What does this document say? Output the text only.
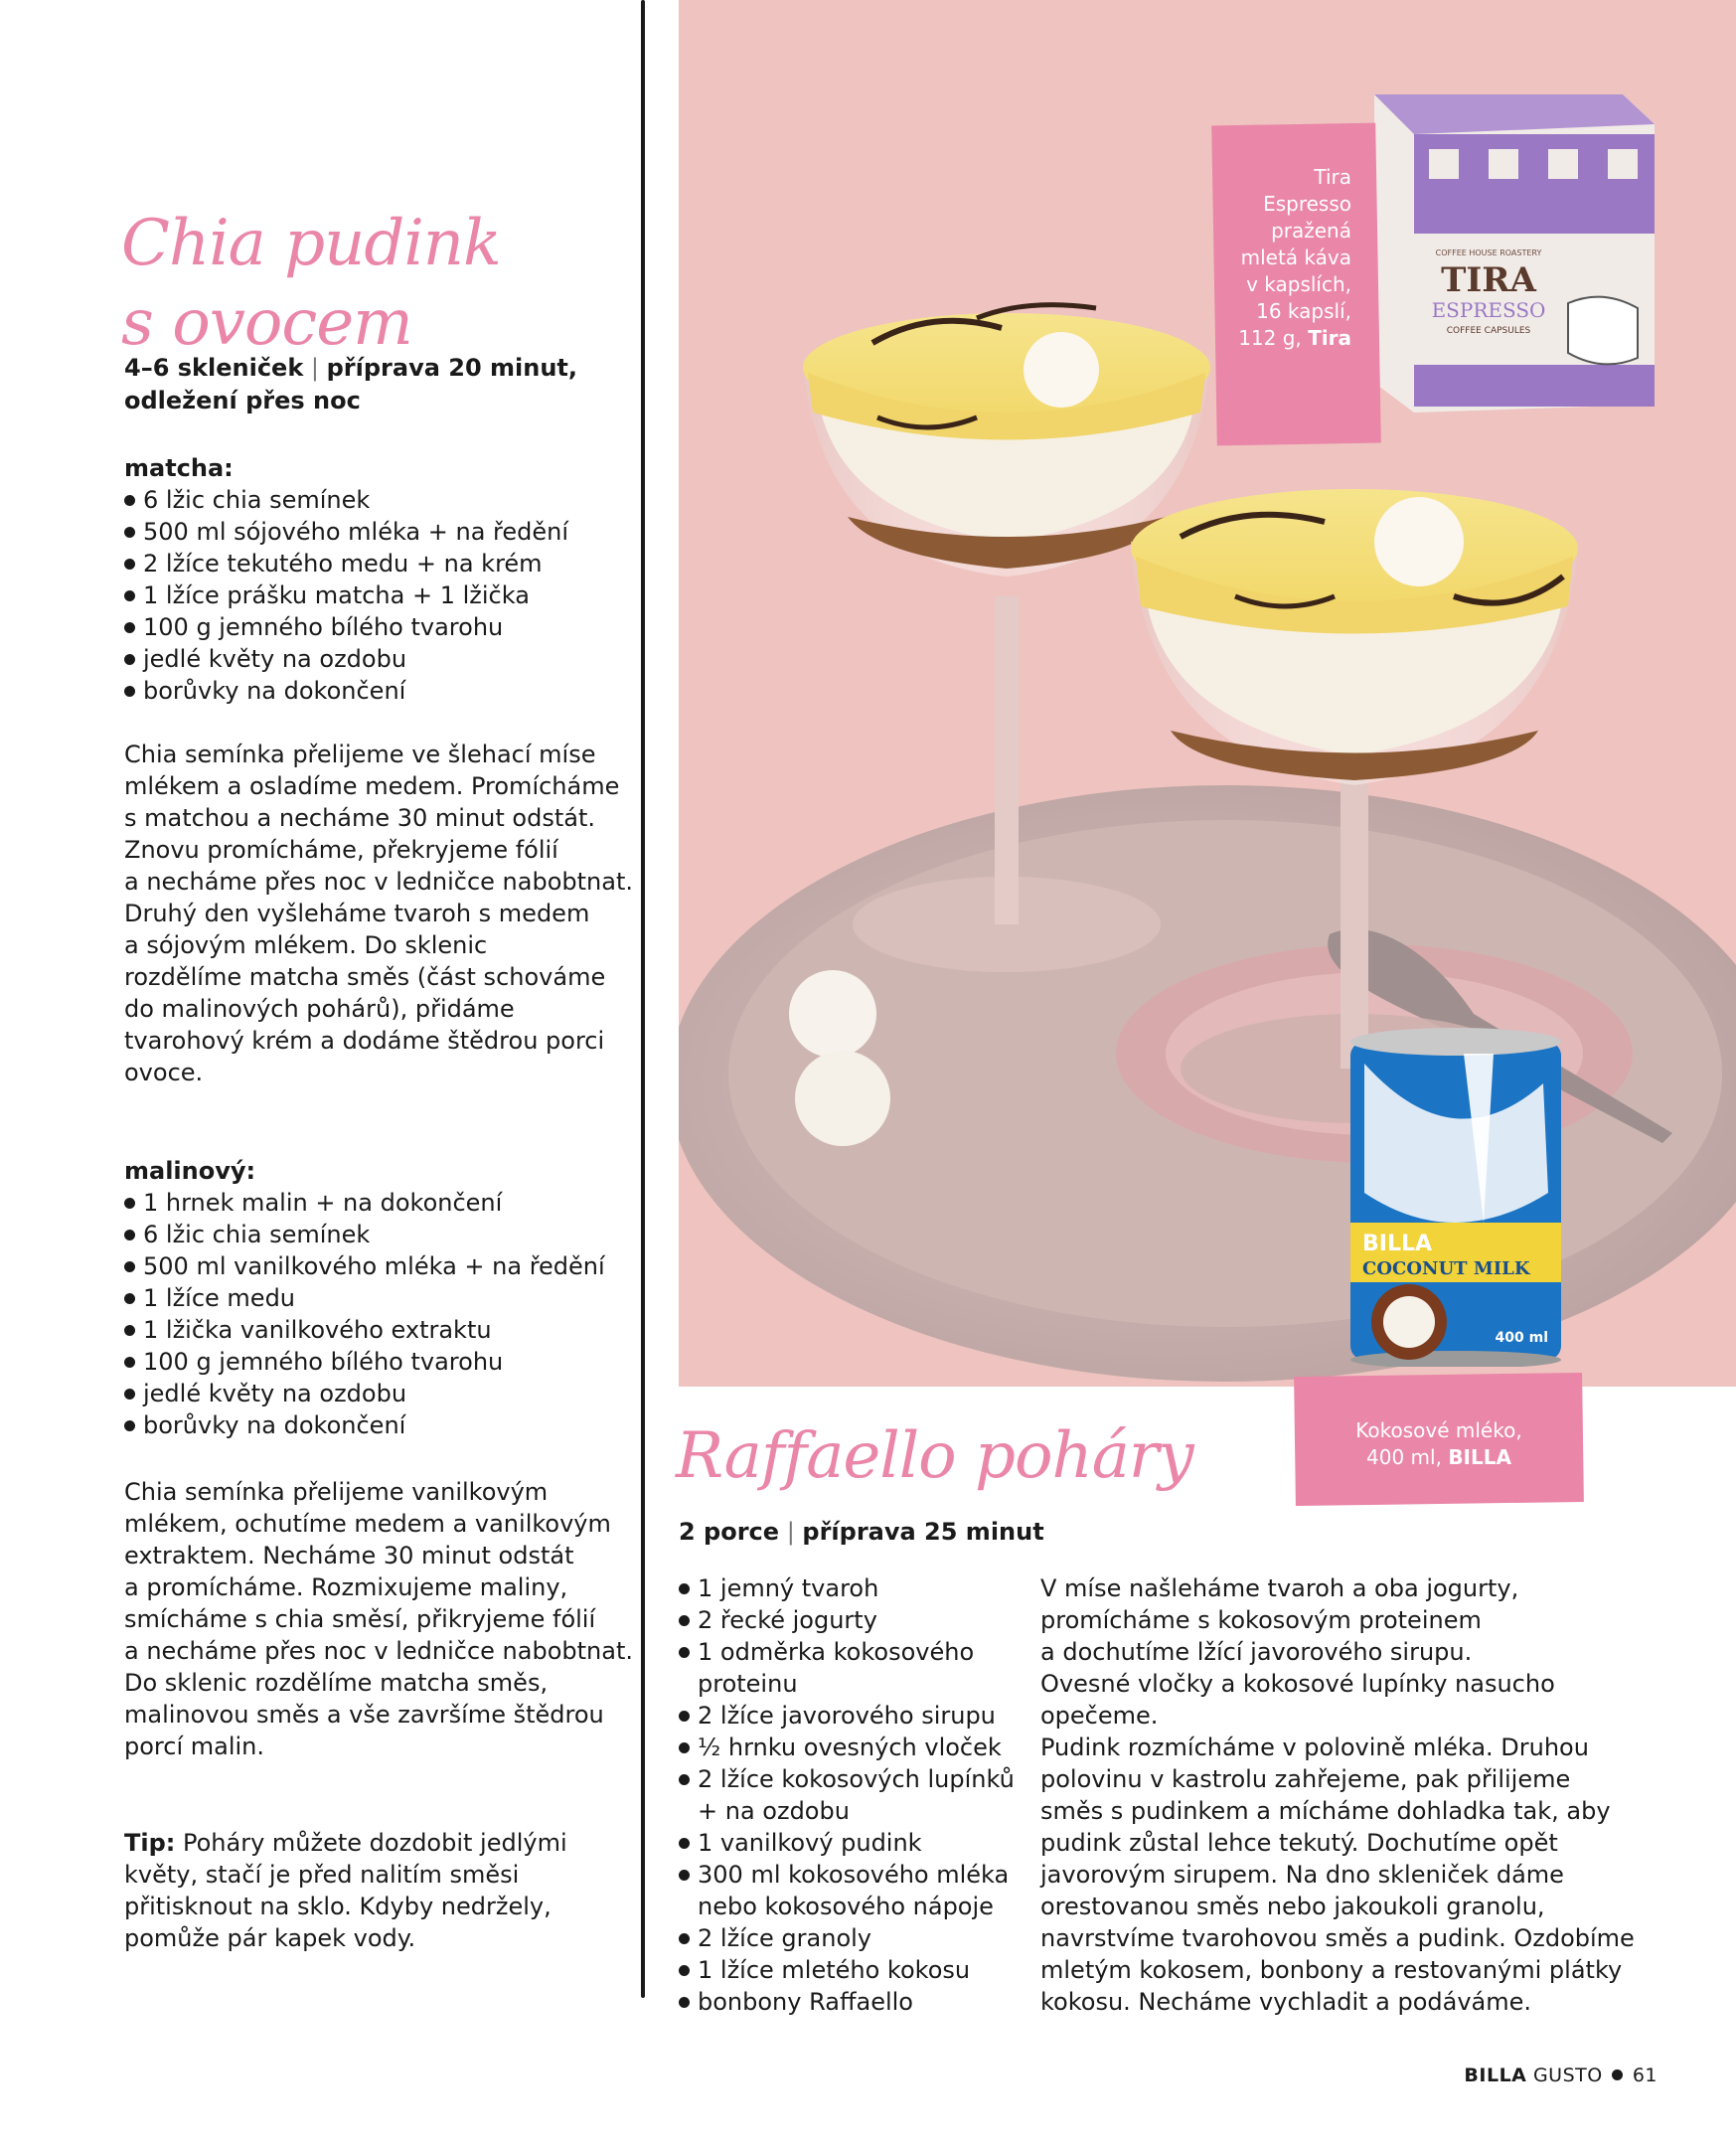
COFFEE HOUSE ROASTERY
TIRA
ESPRESSO
COFFEE CAPSULES
Tira
Espresso
pražená
mletá káva
v kapslích,
16 kapslí,
112 g, Tira
BILLA
COCONUT MILK
400 ml
Kokosové mléko,
400 ml, BILLA
Chia pudink
s ovocem
4–6 skleniček | příprava 20 minut,
odležení přes noc
matcha:
6 lžic chia semínek
500 ml sójového mléka + na ředění
2 lžíce tekutého medu + na krém
1 lžíce prášku matcha + 1 lžička
100 g jemného bílého tvarohu
jedlé květy na ozdobu
borůvky na dokončení
Chia semínka přelijeme ve šlehací míse
mlékem a osladíme medem. Promícháme
s matchou a necháme 30 minut odstát.
Znovu promícháme, překryjeme fólií
a necháme přes noc v ledničce nabobtnat.
Druhý den vyšleháme tvaroh s medem
a sójovým mlékem. Do sklenic
rozdělíme matcha směs (část schováme
do malinových pohárů), přidáme
tvarohový krém a dodáme štědrou porci
ovoce.
malinový:
1 hrnek malin + na dokončení
6 lžic chia semínek
500 ml vanilkového mléka + na ředění
1 lžíce medu
1 lžička vanilkového extraktu
100 g jemného bílého tvarohu
jedlé květy na ozdobu
borůvky na dokončení
Chia semínka přelijeme vanilkovým
mlékem, ochutíme medem a vanilkovým
extraktem. Necháme 30 minut odstát
a promícháme. Rozmixujeme maliny,
smícháme s chia směsí, přikryjeme fólií
a necháme přes noc v ledničce nabobtnat.
Do sklenic rozdělíme matcha směs,
malinovou směs a vše završíme štědrou
porcí malin.
Tip: Poháry můžete dozdobit jedlými
květy, stačí je před nalitím směsi
přitisknout na sklo. Kdyby nedržely,
pomůže pár kapek vody.
Raffaello poháry
2 porce | příprava 25 minut
1 jemný tvaroh
2 řecké jogurty
1 odměrka kokosového
proteinu
2 lžíce javorového sirupu
½ hrnku ovesných vloček
2 lžíce kokosových lupínků
+ na ozdobu
1 vanilkový pudink
300 ml kokosového mléka
nebo kokosového nápoje
2 lžíce granoly
1 lžíce mletého kokosu
bonbony Raffaello
V míse našleháme tvaroh a oba jogurty,
promícháme s kokosovým proteinem
a dochutíme lžící javorového sirupu.
Ovesné vločky a kokosové lupínky nasucho
opečeme.
Pudink rozmícháme v polovině mléka. Druhou
polovinu v kastrolu zahřejeme, pak přilijeme
směs s pudinkem a mícháme dohladka tak, aby
pudink zůstal lehce tekutý. Dochutíme opět
javorovým sirupem. Na dno skleniček dáme
orestovanou směs nebo jakoukoli granolu,
navrstvíme tvarohovou směs a pudink. Ozdobíme
mletým kokosem, bonbony a restovanými plátky
kokosu. Necháme vychladit a podáváme.
BILLA GUSTO 61
